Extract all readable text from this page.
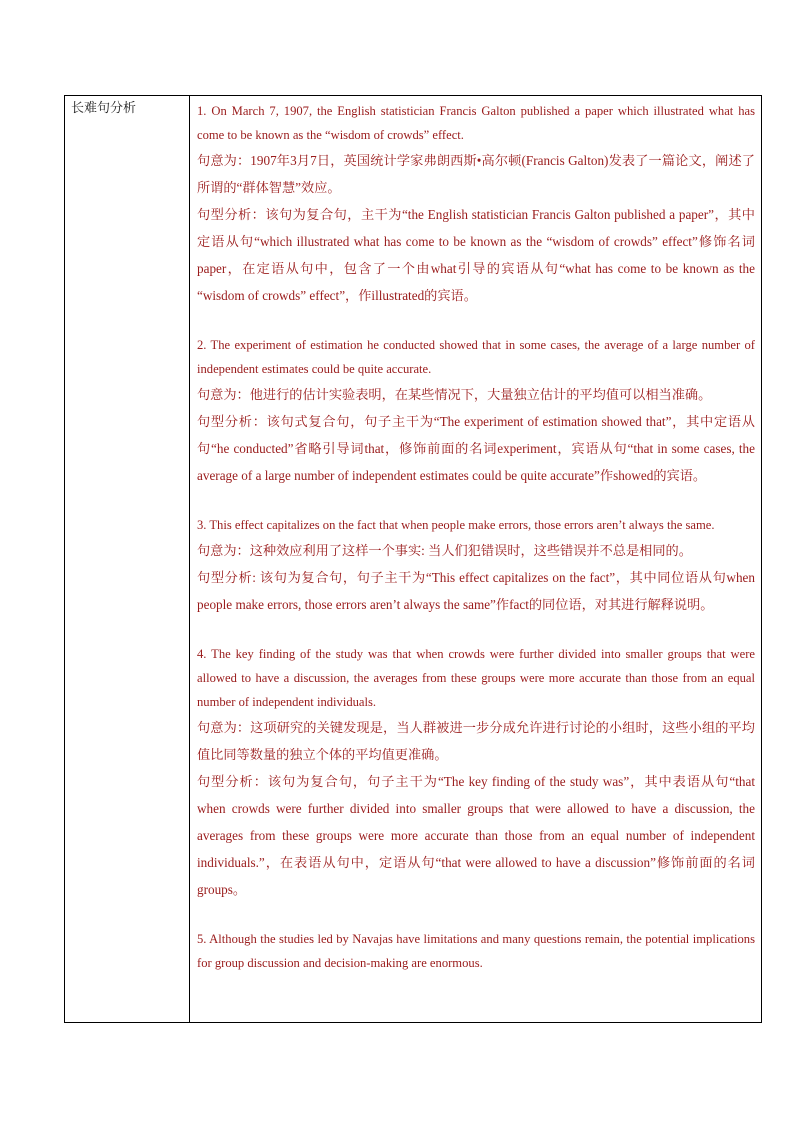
长难句分析	1. On March 7, 1907, the English statistician Francis Galton published a paper which illustrated what has come to be known as the “wisdom of crowds” effect.
句意为：1907年3月7日，英国统计学家弗朗西斯•高尔顿(Francis Galton)发表了一篇论文，阐述了所谓的“群体智慧”效应。
句型分析：该句为复合句，主干为“the English statistician Francis Galton published a paper”，其中定语从句“which illustrated what has come to be known as the “wisdom of crowds” effect”修饰名词paper，在定语从句中，包含了一个由what引导的宾语从句“what has come to be known as the “wisdom of crowds” effect”，作illustrated的宾语。
2. The experiment of estimation he conducted showed that in some cases, the average of a large number of independent estimates could be quite accurate.
句意为：他进行的估计实验表明，在某些情况下，大量独立估计的平均值可以相当准确。
句型分析：该句式复合句，句子主干为“The experiment of estimation showed that”，其中定语从句“he conducted”省略引导词that，修饰前面的名词experiment，宾语从句“that in some cases, the average of a large number of independent estimates could be quite accurate”作showed的宾语。
3. This effect capitalizes on the fact that when people make errors, those errors aren’t always the same.
句意为：这种效应利用了这样一个事实: 当人们犯错误时，这些错误并不总是相同的。
句型分析: 该句为复合句，句子主干为“This effect capitalizes on the fact”，其中同位语从句when people make errors, those errors aren’t always the same”作fact的同位语，对其进行解释说明。
4. The key finding of the study was that when crowds were further divided into smaller groups that were allowed to have a discussion, the averages from these groups were more accurate than those from an equal number of independent individuals.
句意为：这项研究的关键发现是，当人群被进一步分成允许进行讨论的小组时，这些小组的平均值比同等数量的独立个体的平均值更准确。
句型分析：该句为复合句，句子主干为“The key finding of the study was”，其中表语从句“that when crowds were further divided into smaller groups that were allowed to have a discussion, the averages from these groups were more accurate than those from an equal number of independent individuals.”，在表语从句中，定语从句“that were allowed to have a discussion”修饰前面的名词groups。
5. Although the studies led by Navajas have limitations and many questions remain, the potential implications for group discussion and decision-making are enormous.
